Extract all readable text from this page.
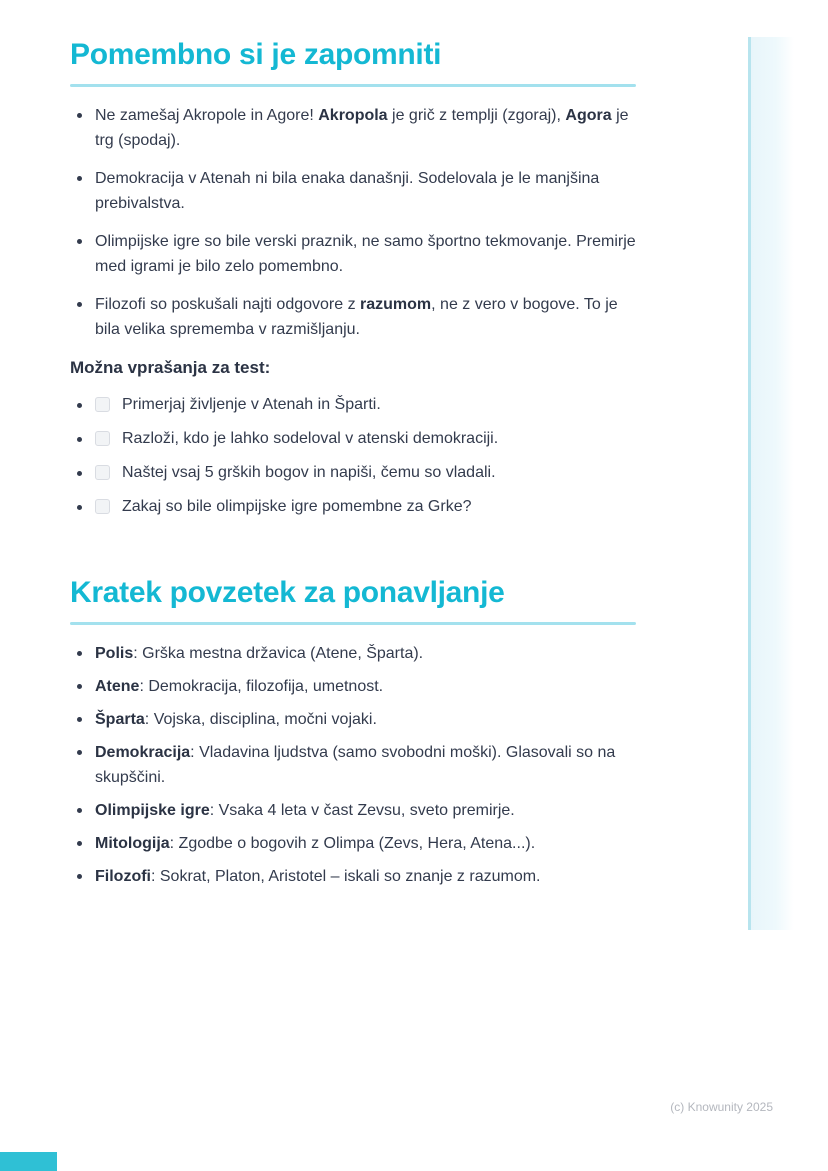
Pomembno si je zapomniti
Ne zamešaj Akropole in Agore! Akropola je grič z templji (zgoraj), Agora je trg (spodaj).
Demokracija v Atenah ni bila enaka današnji. Sodelovala je le manjšina prebivalstva.
Olimpijske igre so bile verski praznik, ne samo športno tekmovanje. Premirje med igrami je bilo zelo pomembno.
Filozofi so poskušali najti odgovore z razumom, ne z vero v bogove. To je bila velika sprememba v razmišljanju.
Možna vprašanja za test:
Primerjaj življenje v Atenah in Šparti.
Razloži, kdo je lahko sodeloval v atenski demokraciji.
Naštej vsaj 5 grških bogov in napiši, čemu so vladali.
Zakaj so bile olimpijske igre pomembne za Grke?
Kratek povzetek za ponavljanje
Polis: Grška mestna državica (Atene, Šparta).
Atene: Demokracija, filozofija, umetnost.
Šparta: Vojska, disciplina, močni vojaki.
Demokracija: Vladavina ljudstva (samo svobodni moški). Glasovali so na skupščini.
Olimpijske igre: Vsaka 4 leta v čast Zevsu, sveto premirje.
Mitologija: Zgodbe o bogovih z Olimpa (Zevs, Hera, Atena...).
Filozofi: Sokrat, Platon, Aristotel – iskali so znanje z razumom.
(c) Knowunity 2025
